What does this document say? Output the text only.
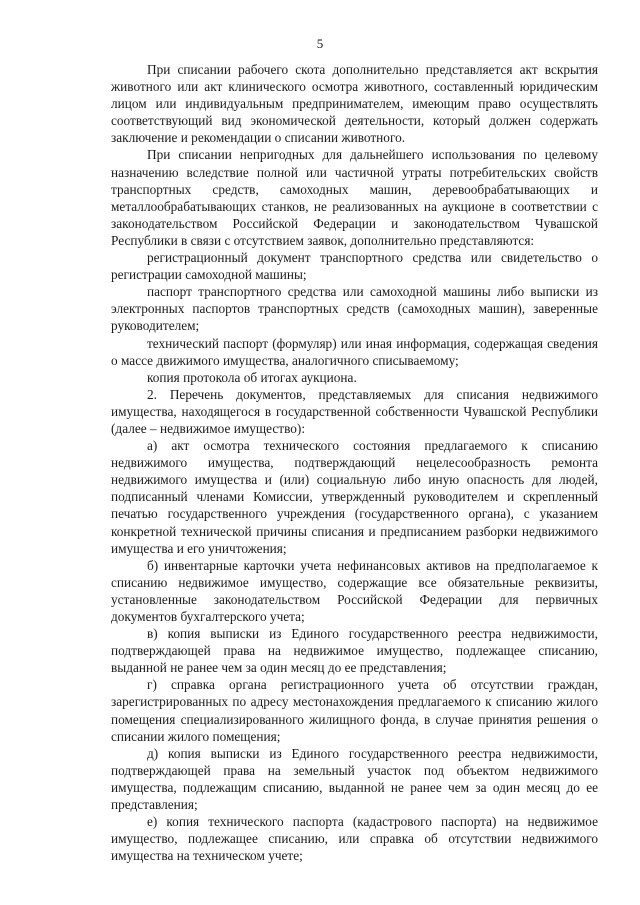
5

При списании рабочего скота дополнительно представляется акт вскрытия животного или акт клинического осмотра животного, составленный юридическим лицом или индивидуальным предпринимателем, имеющим право осуществлять соответствующий вид экономической деятельности, который должен содержать заключение и рекомендации о списании животного.

При списании непригодных для дальнейшего использования по целевому назначению вследствие полной или частичной утраты потребительских свойств транспортных средств, самоходных машин, деревообрабатывающих и металлообрабатывающих станков, не реализованных на аукционе в соответствии с законодательством Российской Федерации и законодательством Чувашской Республики в связи с отсутствием заявок, дополнительно представляются:

регистрационный документ транспортного средства или свидетельство о регистрации самоходной машины;

паспорт транспортного средства или самоходной машины либо выписки из электронных паспортов транспортных средств (самоходных машин), заверенные руководителем;

технический паспорт (формуляр) или иная информация, содержащая сведения о массе движимого имущества, аналогичного списываемому;

копия протокола об итогах аукциона.

2. Перечень документов, представляемых для списания недвижимого имущества, находящегося в государственной собственности Чувашской Республики (далее – недвижимое имущество):

а) акт осмотра технического состояния предлагаемого к списанию недвижимого имущества, подтверждающий нецелесообразность ремонта недвижимого имущества и (или) социальную либо иную опасность для людей, подписанный членами Комиссии, утвержденный руководителем и скрепленный печатью государственного учреждения (государственного органа), с указанием конкретной технической причины списания и предписанием разборки недвижимого имущества и его уничтожения;

б) инвентарные карточки учета нефинансовых активов на предполагаемое к списанию недвижимое имущество, содержащие все обязательные реквизиты, установленные законодательством Российской Федерации для первичных документов бухгалтерского учета;

в) копия выписки из Единого государственного реестра недвижимости, подтверждающей права на недвижимое имущество, подлежащее списанию, выданной не ранее чем за один месяц до ее представления;

г) справка органа регистрационного учета об отсутствии граждан, зарегистрированных по адресу местонахождения предлагаемого к списанию жилого помещения специализированного жилищного фонда, в случае принятия решения о списании жилого помещения;

д) копия выписки из Единого государственного реестра недвижимости, подтверждающей права на земельный участок под объектом недвижимого имущества, подлежащим списанию, выданной не ранее чем за один месяц до ее представления;

е) копия технического паспорта (кадастрового паспорта) на недвижимое имущество, подлежащее списанию, или справка об отсутствии недвижимого имущества на техническом учете;
